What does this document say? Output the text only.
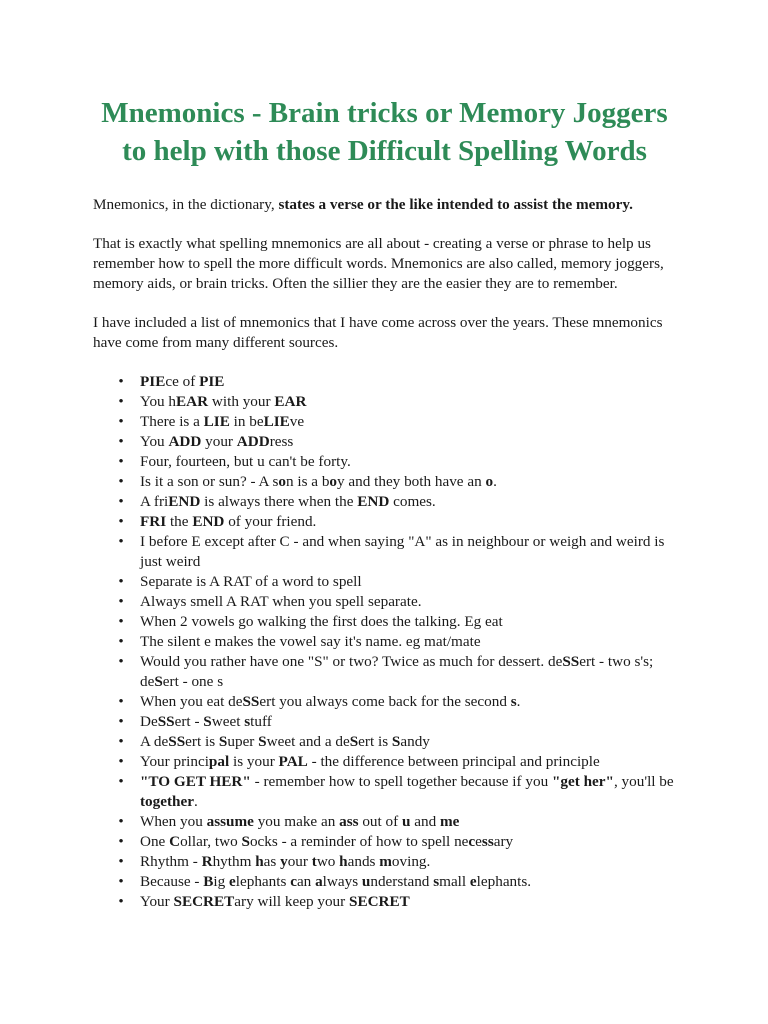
Mnemonics - Brain tricks or Memory Joggers to help with those Difficult Spelling Words

Mnemonics, in the dictionary, states a verse or the like intended to assist the memory.

That is exactly what spelling mnemonics are all about - creating a verse or phrase to help us remember how to spell the more difficult words. Mnemonics are also called, memory joggers, memory aids, or brain tricks. Often the sillier they are the easier they are to remember.

I have included a list of mnemonics that I have come across over the years. These mnemonics have come from many different sources.

• PIEce of PIE
• You hEAR with your EAR
• There is a LIE in beLIEve
• You ADD your ADDress
• Four, fourteen, but u can't be forty.
• Is it a son or sun? - A son is a boy and they both have an o.
• A friEND is always there when the END comes.
• FRI the END of your friend.
• I before E except after C - and when saying "A" as in neighbour or weigh and weird is just weird
• Separate is A RAT of a word to spell
• Always smell A RAT when you spell separate.
• When 2 vowels go walking the first does the talking. Eg eat
• The silent e makes the vowel say it's name. eg mat/mate
• Would you rather have one "S" or two? Twice as much for dessert. deSSert - two s's; deSert - one s
• When you eat deSSert you always come back for the second s.
• DeSSert - Sweet stuff
• A deSSert is Super Sweet and a deSert is Sandy
• Your principal is your PAL - the difference between principal and principle
• "TO GET HER" - remember how to spell together because if you "get her", you'll be together.
• When you assume you make an ass out of u and me
• One Collar, two Socks - a reminder of how to spell necessary
• Rhythm - Rhythm has your two hands moving.
• Because - Big elephants can always understand small elephants.
• Your SECRETary will keep your SECRET
